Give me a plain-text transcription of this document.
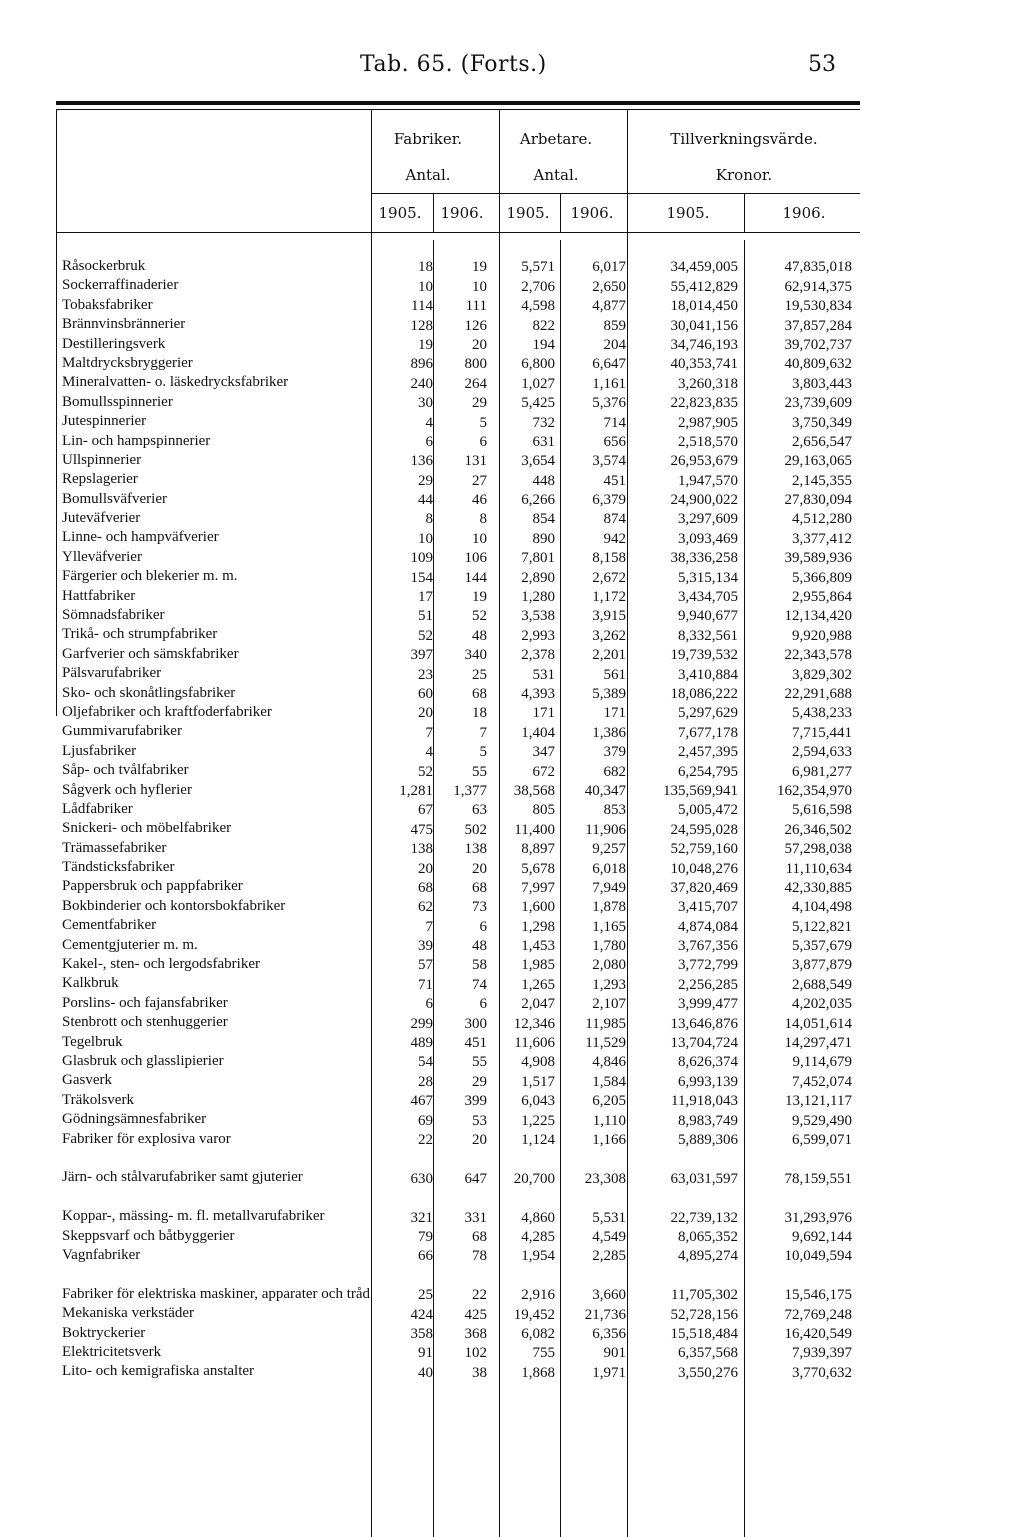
Tab. 65. (Forts.)	53
Fabriker.	Arbetare.	Tillverkningsvärde.
Antal.	Antal.	Kronor.
1905.	1906.	1905.	1906.	1905.	1906.
Råsockerbruk	18	19 5,571 6,017	34,459,005	47,835,018
Sockerraffinaderier	10	10 2,706 2,650	55,412,829	62,914,375
Tobaksfabriker	114 111 4,598 4,877	18,014,450	19,530,834
Brännvinsbrännerier	128 126	822	859	30,041,156	37,857,284
Destilleringsverk	19	20	194	204	34,746,193	39,702,737
Maltdrycksbryggerier	896 800 6,800 6,647	40,353,741	40,809,632
Mineralvatten- o. läskedrycksfabriker	240 264 1,027 1,161	3,260,318	3,803,443
Bomullsspinnerier	30	29 5,425 5,376	22,823,835	23,739,609
Jutespinnerier	4	5	732	714	2,987,905	3,750,349
Lin- och hampspinnerier	6	6	631	656	2,518,570	2,656,547
Ullspinnerier	136 131 3,654 3,574	26,953,679	29,163,065
Repslagerier	29	27	448	451	1,947,570	2,145,355
Bomullsväfverier	44	46 6,266 6,379	24,900,022	27,830,094
Juteväfverier	8	8	854	874	3,297,609	4,512,280
Linne- och hampväfverier	10	10	890	942	3,093,469	3,377,412
Ylleväfverier	109 106 7,801 8,158	38,336,258	39,589,936
Färgerier och blekerier m. m.	154 144 2,890 2,672	5,315,134	5,366,809
Hattfabriker	17	19 1,280 1,172	3,434,705	2,955,864
Sömnadsfabriker	51	52 3,538 3,915	9,940,677	12,134,420
Trikå- och strumpfabriker	52	48 2,993 3,262	8,332,561	9,920,988
Garfverier och sämskfabriker	397 340 2,378 2,201	19,739,532	22,343,578
Pälsvarufabriker	23	25	531	561	3,410,884	3,829,302
Sko- och skonåtlingsfabriker	60	68 4,393 5,389	18,086,222	22,291,688
Oljefabriker och kraftfoderfabriker	20	18	171	171	5,297,629	5,438,233
Gummivarufabriker	7	7 1,404 1,386	7,677,178	7,715,441
Ljusfabriker	4	5	347	379	2,457,395	2,594,633
Såp- och tvålfabriker	52	55	672	682	6,254,795	6,981,277
Sågverk och hyflerier	1,281 1,377 38,568 40,347 135,569,941	162,354,970
Lådfabriker	67	63	805	853	5,005,472	5,616,598
Snickeri- och möbelfabriker	475 502 11,400 11,906	24,595,028	26,346,502
Trämassefabriker	138 138 8,897 9,257	52,759,160	57,298,038
Tändsticksfabriker	20	20 5,678 6,018	10,048,276	11,110,634
Pappersbruk och pappfabriker	68	68 7,997 7,949	37,820,469	42,330,885
Bokbinderier och kontorsbokfabriker	62	73 1,600 1,878	3,415,707	4,104,498
Cementfabriker	7	6 1,298 1,165	4,874,084	5,122,821
Cementgjuterier m. m.	39	48 1,453 1,780	3,767,356	5,357,679
Kakel-, sten- och lergodsfabriker	57	58 1,985 2,080	3,772,799	3,877,879
Kalkbruk	71	74 1,265 1,293	2,256,285	2,688,549
Porslins- och fajansfabriker	6	6 2,047 2,107	3,999,477	4,202,035
Stenbrott och stenhuggerier	299 300 12,346 11,985	13,646,876	14,051,614
Tegelbruk	489 451 11,606 11,529	13,704,724	14,297,471
Glasbruk och glasslipierier	54	55 4,908 4,846	8,626,374	9,114,679
Gasverk	28	29 1,517 1,584	6,993,139	7,452,074
Träkolsverk	467 399 6,043 6,205	11,918,043	13,121,117
Gödningsämnesfabriker	69	53 1,225	1,110	8,983,749	9,529,490
Fabriker för explosiva varor	22	20 1,124 1,166	5,889,306	6,599,071
Järn- och stålvarufabriker samt gjuterier	630 647 20,700 23,308	63,031,597	78,159,551
Koppar-, mässing- m. fl. metallvarufabriker	321 331 4,860 5,531	22,739,132	31,293,976
Skeppsvarf och båtbyggerier	79	68 4,285 4,549	8,065,352	9,692,144
Vagnfabriker	66	78 1,954 2,285	4,895,274	10,049,594
Fabriker för elektriska maskiner, apparater och tråd	25	22 2,916 3,660	11,705,302	15,546,175
Mekaniska verkstäder	424 425 19,452 21,736	52,728,156	72,769,248
Boktryckerier	358 368 6,082 6,356	15,518,484	16,420,549
Elektricitetsverk	91 102	755	901	6,357,568	7,939,397
Lito- och kemigrafiska anstalter	40	38 1,868 1,971	3,550,276	3,770,632
